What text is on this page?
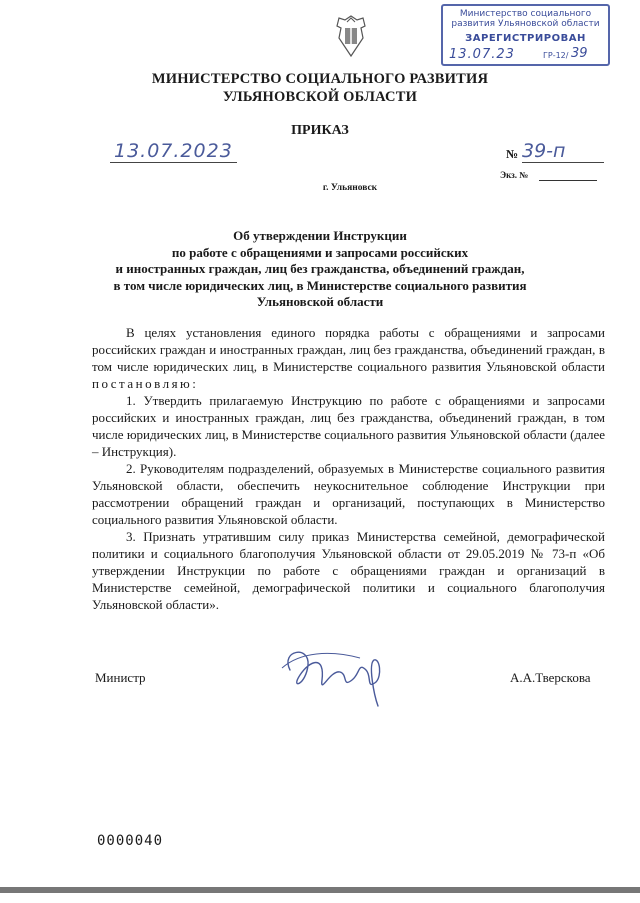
Министерство социального
развития Ульяновской области
ЗАРЕГИСТРИРОВАН
13.07.23	ГР-12/ 39
МИНИСТЕРСТВО СОЦИАЛЬНОГО РАЗВИТИЯ
УЛЬЯНОВСКОЙ ОБЛАСТИ
ПРИКАЗ
13.07.2023	№ 39-п
Экз. №
г. Ульяновск
Об утверждении Инструкции
по работе с обращениями и запросами российских
и иностранных граждан, лиц без гражданства, объединений граждан,
в том числе юридических лиц, в Министерстве социального развития
Ульяновской области

В целях установления единого порядка работы с обращениями и запросами российских граждан и иностранных граждан, лиц без гражданства, объединений граждан, в том числе юридических лиц, в Министерстве социального развития Ульяновской области постановляю:

1. Утвердить прилагаемую Инструкцию по работе с обращениями и запросами российских и иностранных граждан, лиц без гражданства, объединений граждан, в том числе юридических лиц, в Министерстве социального развития Ульяновской области (далее – Инструкция).

2. Руководителям подразделений, образуемых в Министерстве социального развития Ульяновской области, обеспечить неукоснительное соблюдение Инструкции при рассмотрении обращений граждан и организаций, поступающих в Министерство социального развития Ульяновской области.

3. Признать утратившим силу приказ Министерства семейной, демографической политики и социального благополучия Ульяновской области от 29.05.2019 № 73-п «Об утверждении Инструкции по работе с обращениями граждан и организаций в Министерстве семейной, демографической политики и социального благополучия Ульяновской области».

Министр	А.А.Тверскова
0000040
